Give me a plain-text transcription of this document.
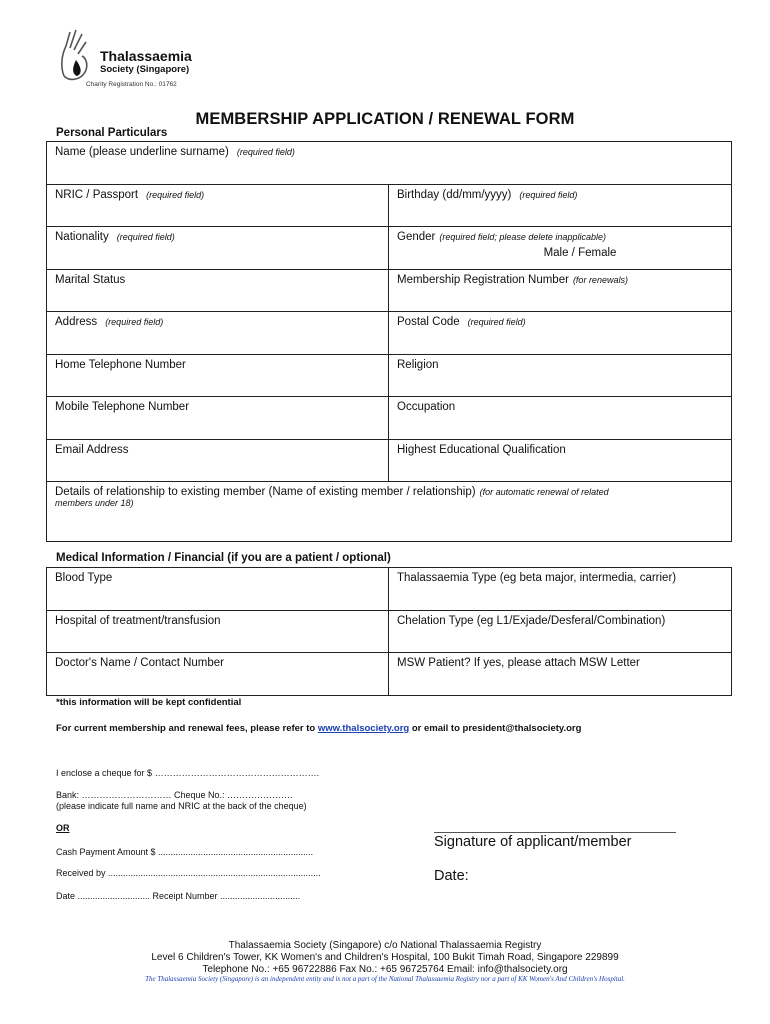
Thalassaemia
Society (Singapore)
Charity Registration No.: 01762
MEMBERSHIP APPLICATION / RENEWAL FORM
Personal Particulars
Name (please underline surname) (required field)	
NRIC / Passport (required field)	Birthday (dd/mm/yyyy) (required field)
Nationality (required field)	Gender (required field; please delete inapplicable)
Male / Female

Marital Status	Membership Registration Number (for renewals)
Address (required field)	Postal Code (required field)
Home Telephone Number	Religion
Mobile Telephone Number	Occupation
Email Address	Highest Educational Qualification
Details of relationship to existing member (Name of existing member / relationship) (for automatic renewal of related
members under 18)	
Medical Information / Financial (if you are a patient / optional)
Blood Type	Thalassaemia Type (eg beta major, intermedia, carrier)
Hospital of treatment/transfusion	Chelation Type (eg L1/Exjade/Desferal/Combination)
Doctor's Name / Contact Number	MSW Patient? If yes, please attach MSW Letter
*this information will be kept confidential
For current membership and renewal fees, please refer to www.thalsociety.org or email to president@thalsociety.org
I enclose a cheque for $ ……………………………………………….
Bank: ………………………… Cheque No.: ………………….
(please indicate full name and NRIC at the back of the cheque)
OR
Cash Payment Amount $ ..............................................................
Received by .....................................................................................
Date ............................. Receipt Number ................................
Signature of applicant/member
Date:
Thalassaemia Society (Singapore) c/o National Thalassaemia Registry
Level 6 Children's Tower, KK Women's and Children's Hospital, 100 Bukit Timah Road, Singapore 229899
Telephone No.: +65 96722886 Fax No.: +65 96725764 Email: info@thalsociety.org
The Thalassaemia Society (Singapore) is an independent entity and is not a part of the National Thalassaemia Registry nor a part of KK Women's And Children's Hospital.
